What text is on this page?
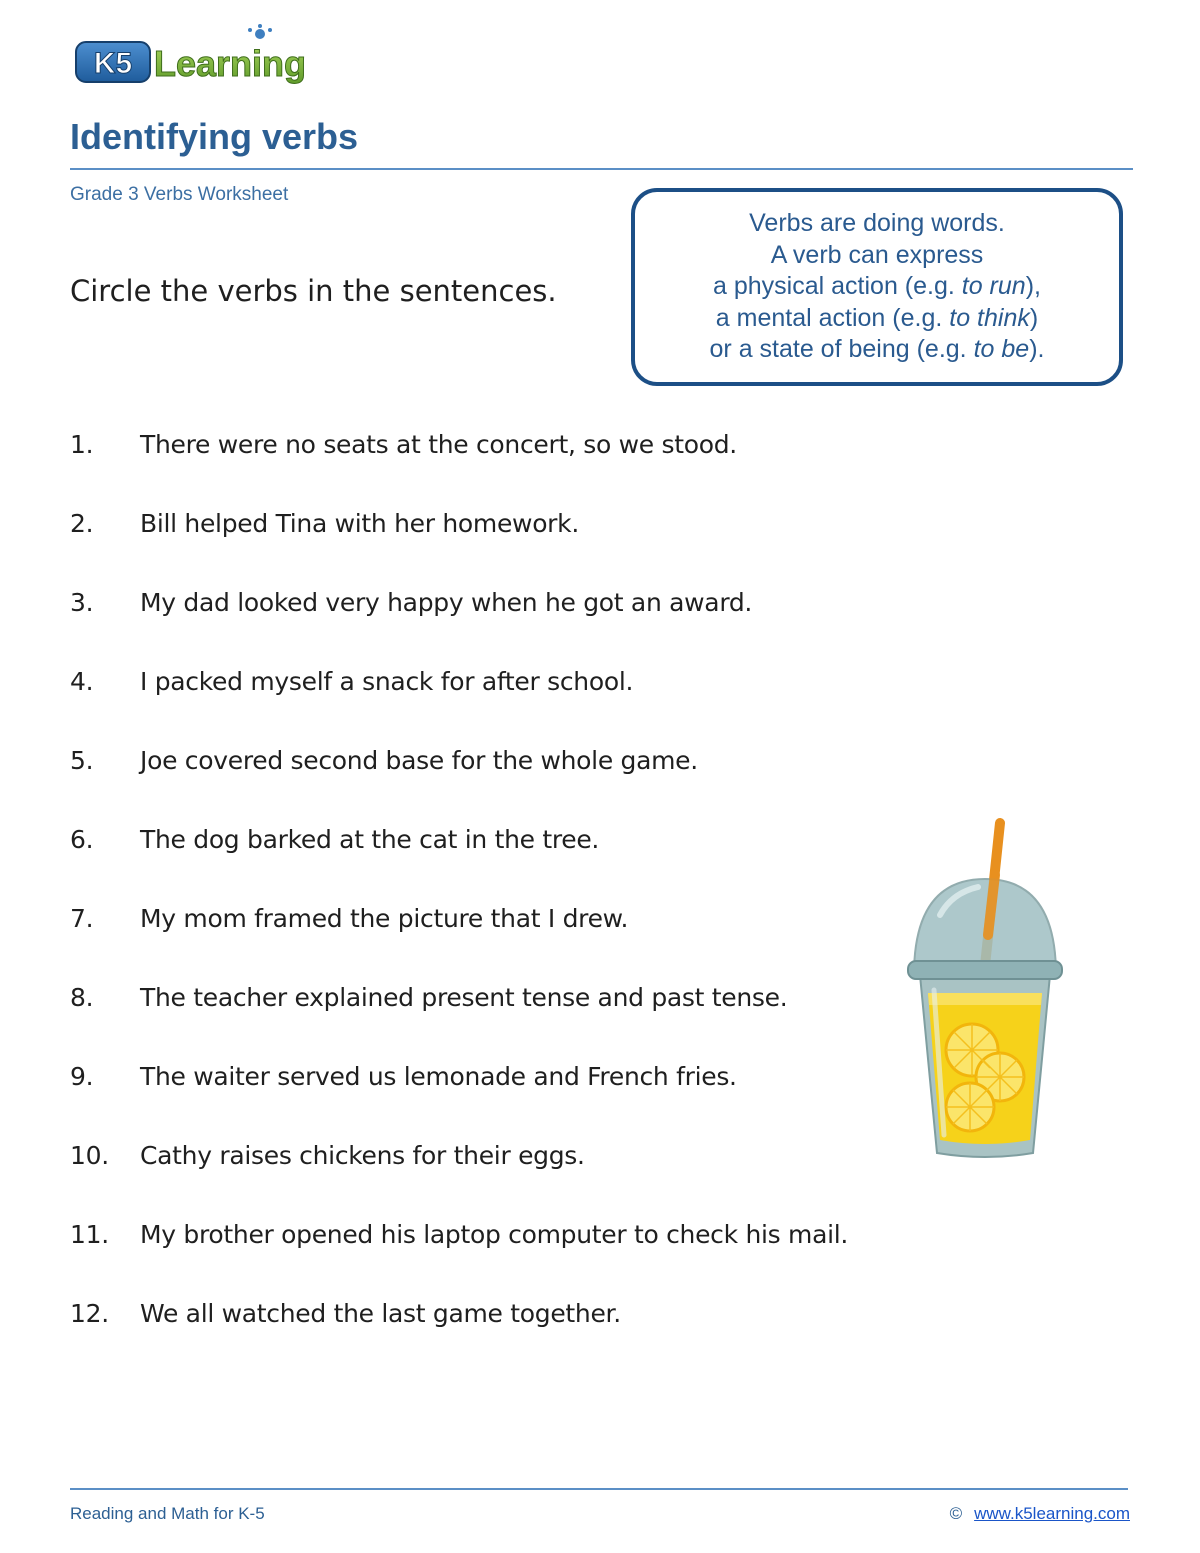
K5 Learning
Identifying verbs
Grade 3 Verbs Worksheet
Circle the verbs in the sentences.
Verbs are doing words.
A verb can express
a physical action (e.g. to run),
a mental action (e.g. to think)
or a state of being (e.g. to be).
1.	There were no seats at the concert, so we stood.
2.	Bill helped Tina with her homework.
3.	My dad looked very happy when he got an award.
4.	I packed myself a snack for after school.
5.	Joe covered second base for the whole game.
6.	The dog barked at the cat in the tree.
7.	My mom framed the picture that I drew.
8.	The teacher explained present tense and past tense.
9.	The waiter served us lemonade and French fries.
10.	Cathy raises chickens for their eggs.
11.	My brother opened his laptop computer to check his mail.
12.	We all watched the last game together.
Reading and Math for K-5	© www.k5learning.com
